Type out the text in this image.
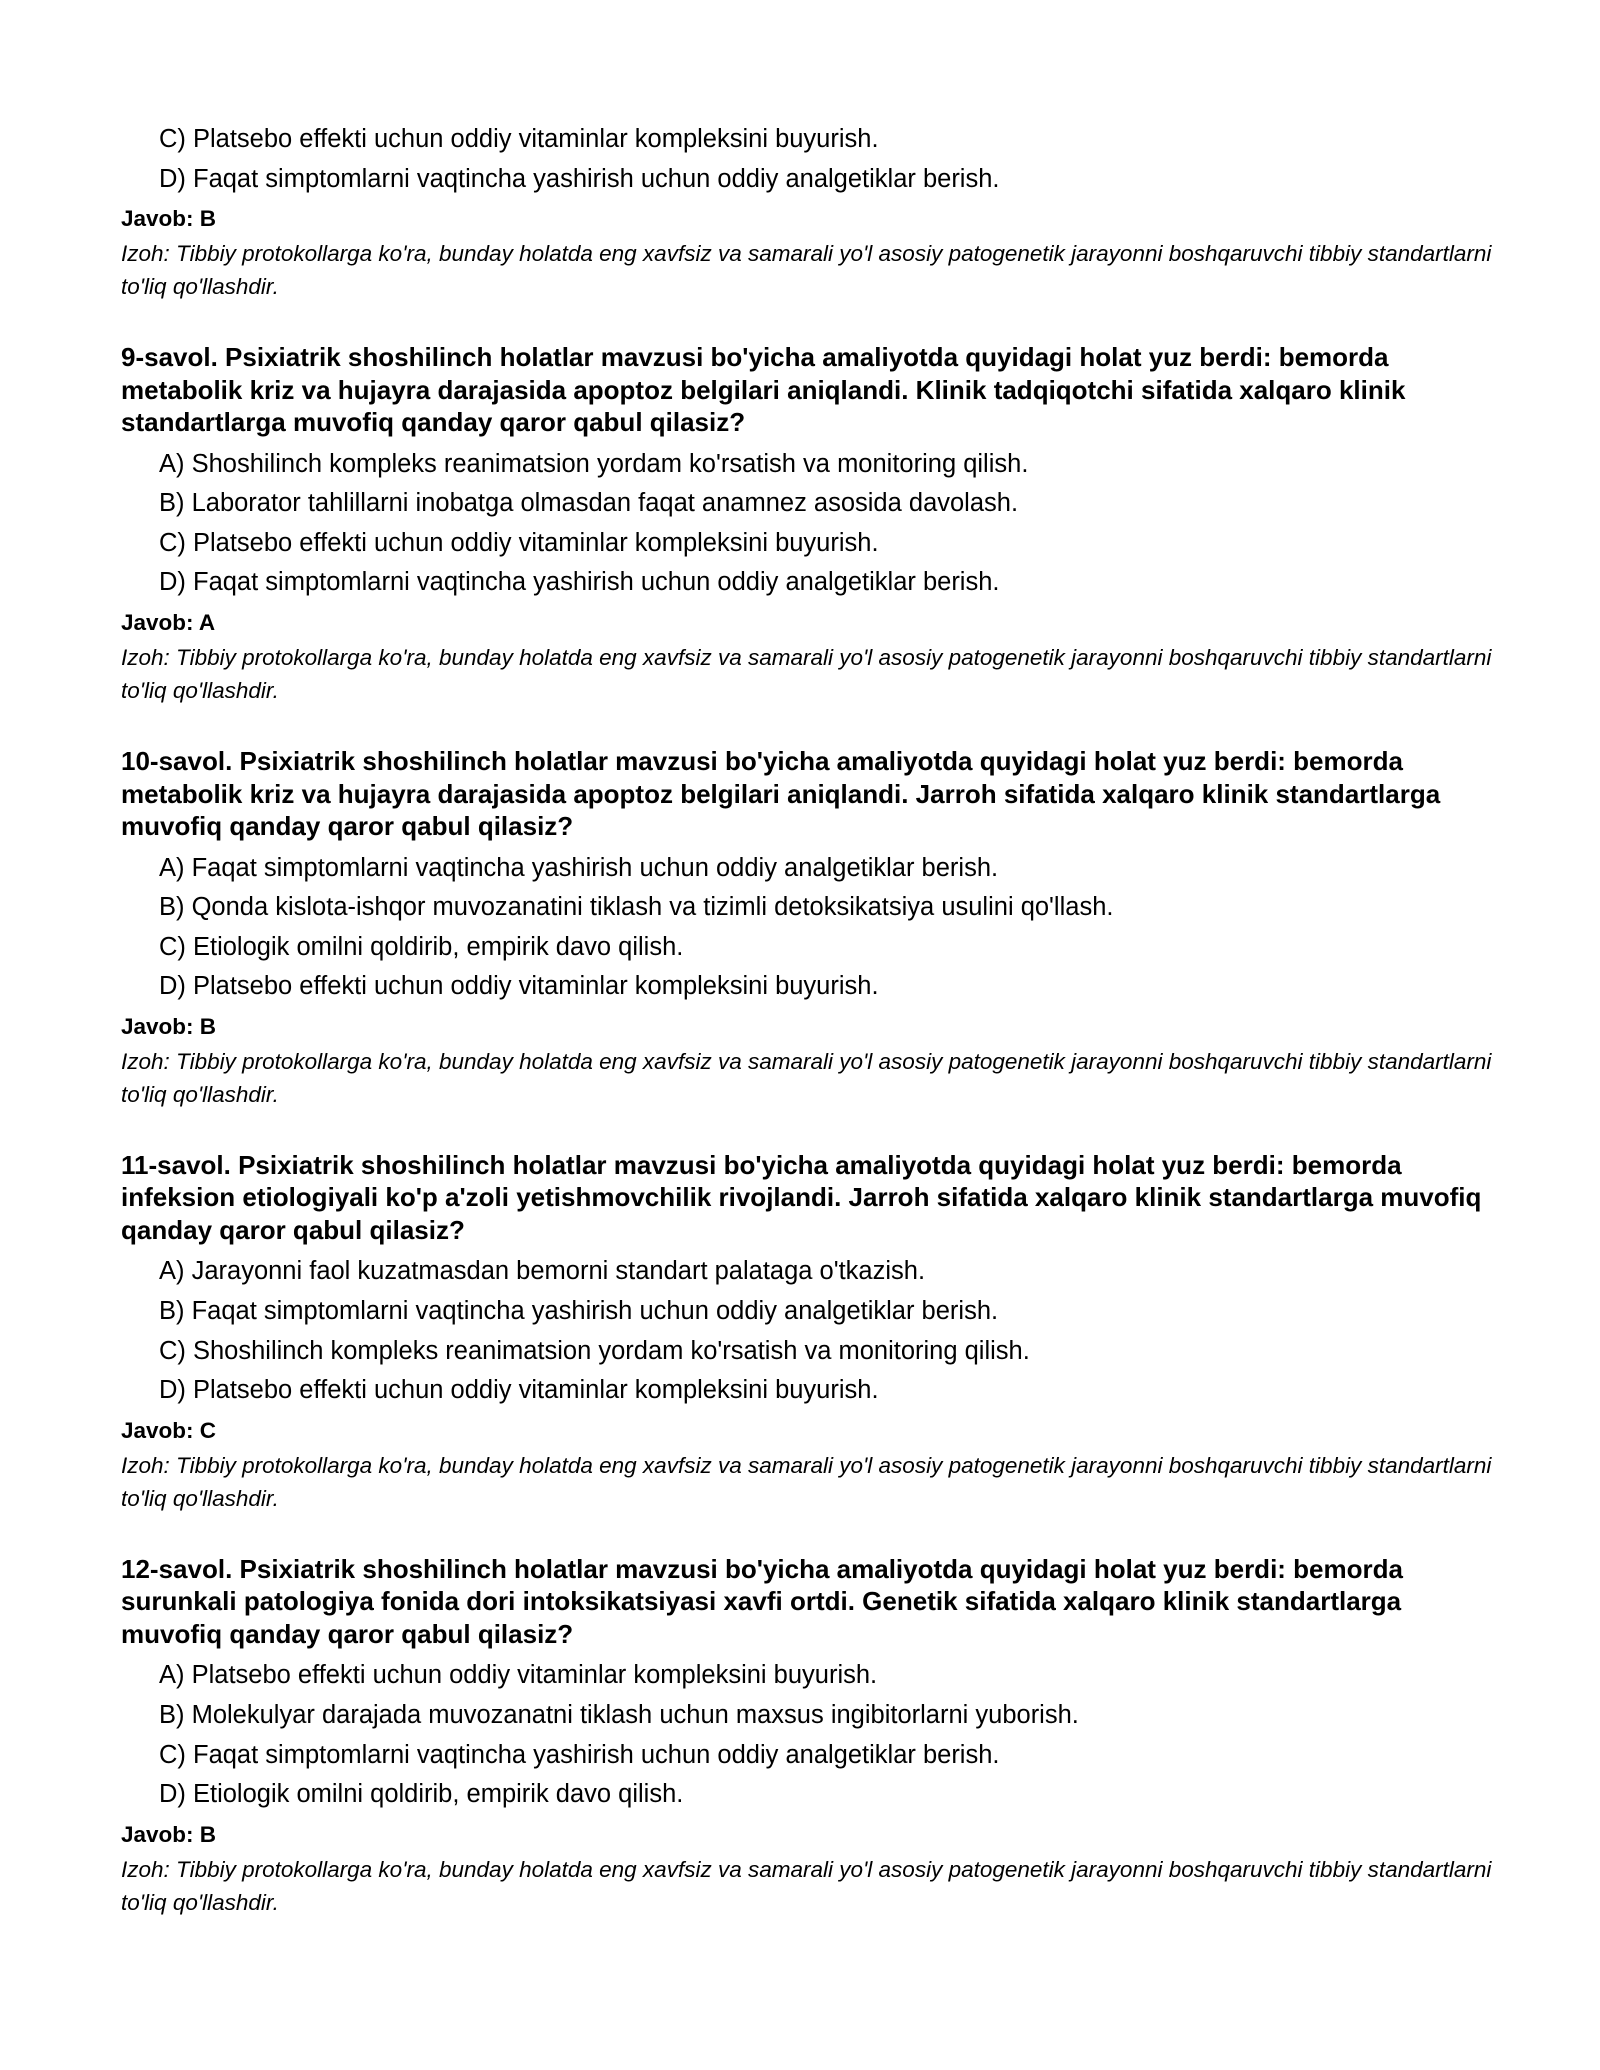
C) Platsebo effekti uchun oddiy vitaminlar kompleksini buyurish.
D) Faqat simptomlarni vaqtincha yashirish uchun oddiy analgetiklar berish.
Javob: B
Izoh: Tibbiy protokollarga ko'ra, bunday holatda eng xavfsiz va samarali yo'l asosiy patogenetik jarayonni boshqaruvchi tibbiy standartlarni to'liq qo'llashdir.
9-savol. Psixiatrik shoshilinch holatlar mavzusi bo'yicha amaliyotda quyidagi holat yuz berdi: bemorda metabolik kriz va hujayra darajasida apoptoz belgilari aniqlandi. Klinik tadqiqotchi sifatida xalqaro klinik standartlarga muvofiq qanday qaror qabul qilasiz?
A) Shoshilinch kompleks reanimatsion yordam ko'rsatish va monitoring qilish.
B) Laborator tahlillarni inobatga olmasdan faqat anamnez asosida davolash.
C) Platsebo effekti uchun oddiy vitaminlar kompleksini buyurish.
D) Faqat simptomlarni vaqtincha yashirish uchun oddiy analgetiklar berish.
Javob: A
Izoh: Tibbiy protokollarga ko'ra, bunday holatda eng xavfsiz va samarali yo'l asosiy patogenetik jarayonni boshqaruvchi tibbiy standartlarni to'liq qo'llashdir.
10-savol. Psixiatrik shoshilinch holatlar mavzusi bo'yicha amaliyotda quyidagi holat yuz berdi: bemorda metabolik kriz va hujayra darajasida apoptoz belgilari aniqlandi. Jarroh sifatida xalqaro klinik standartlarga muvofiq qanday qaror qabul qilasiz?
A) Faqat simptomlarni vaqtincha yashirish uchun oddiy analgetiklar berish.
B) Qonda kislota-ishqor muvozanatini tiklash va tizimli detoksikatsiya usulini qo'llash.
C) Etiologik omilni qoldirib, empirik davo qilish.
D) Platsebo effekti uchun oddiy vitaminlar kompleksini buyurish.
Javob: B
Izoh: Tibbiy protokollarga ko'ra, bunday holatda eng xavfsiz va samarali yo'l asosiy patogenetik jarayonni boshqaruvchi tibbiy standartlarni to'liq qo'llashdir.
11-savol. Psixiatrik shoshilinch holatlar mavzusi bo'yicha amaliyotda quyidagi holat yuz berdi: bemorda infeksion etiologiyali ko'p a'zoli yetishmovchilik rivojlandi. Jarroh sifatida xalqaro klinik standartlarga muvofiq qanday qaror qabul qilasiz?
A) Jarayonni faol kuzatmasdan bemorni standart palataga o'tkazish.
B) Faqat simptomlarni vaqtincha yashirish uchun oddiy analgetiklar berish.
C) Shoshilinch kompleks reanimatsion yordam ko'rsatish va monitoring qilish.
D) Platsebo effekti uchun oddiy vitaminlar kompleksini buyurish.
Javob: C
Izoh: Tibbiy protokollarga ko'ra, bunday holatda eng xavfsiz va samarali yo'l asosiy patogenetik jarayonni boshqaruvchi tibbiy standartlarni to'liq qo'llashdir.
12-savol. Psixiatrik shoshilinch holatlar mavzusi bo'yicha amaliyotda quyidagi holat yuz berdi: bemorda surunkali patologiya fonida dori intoksikatsiyasi xavfi ortdi. Genetik sifatida xalqaro klinik standartlarga muvofiq qanday qaror qabul qilasiz?
A) Platsebo effekti uchun oddiy vitaminlar kompleksini buyurish.
B) Molekulyar darajada muvozanatni tiklash uchun maxsus ingibitorlarni yuborish.
C) Faqat simptomlarni vaqtincha yashirish uchun oddiy analgetiklar berish.
D) Etiologik omilni qoldirib, empirik davo qilish.
Javob: B
Izoh: Tibbiy protokollarga ko'ra, bunday holatda eng xavfsiz va samarali yo'l asosiy patogenetik jarayonni boshqaruvchi tibbiy standartlarni to'liq qo'llashdir.
